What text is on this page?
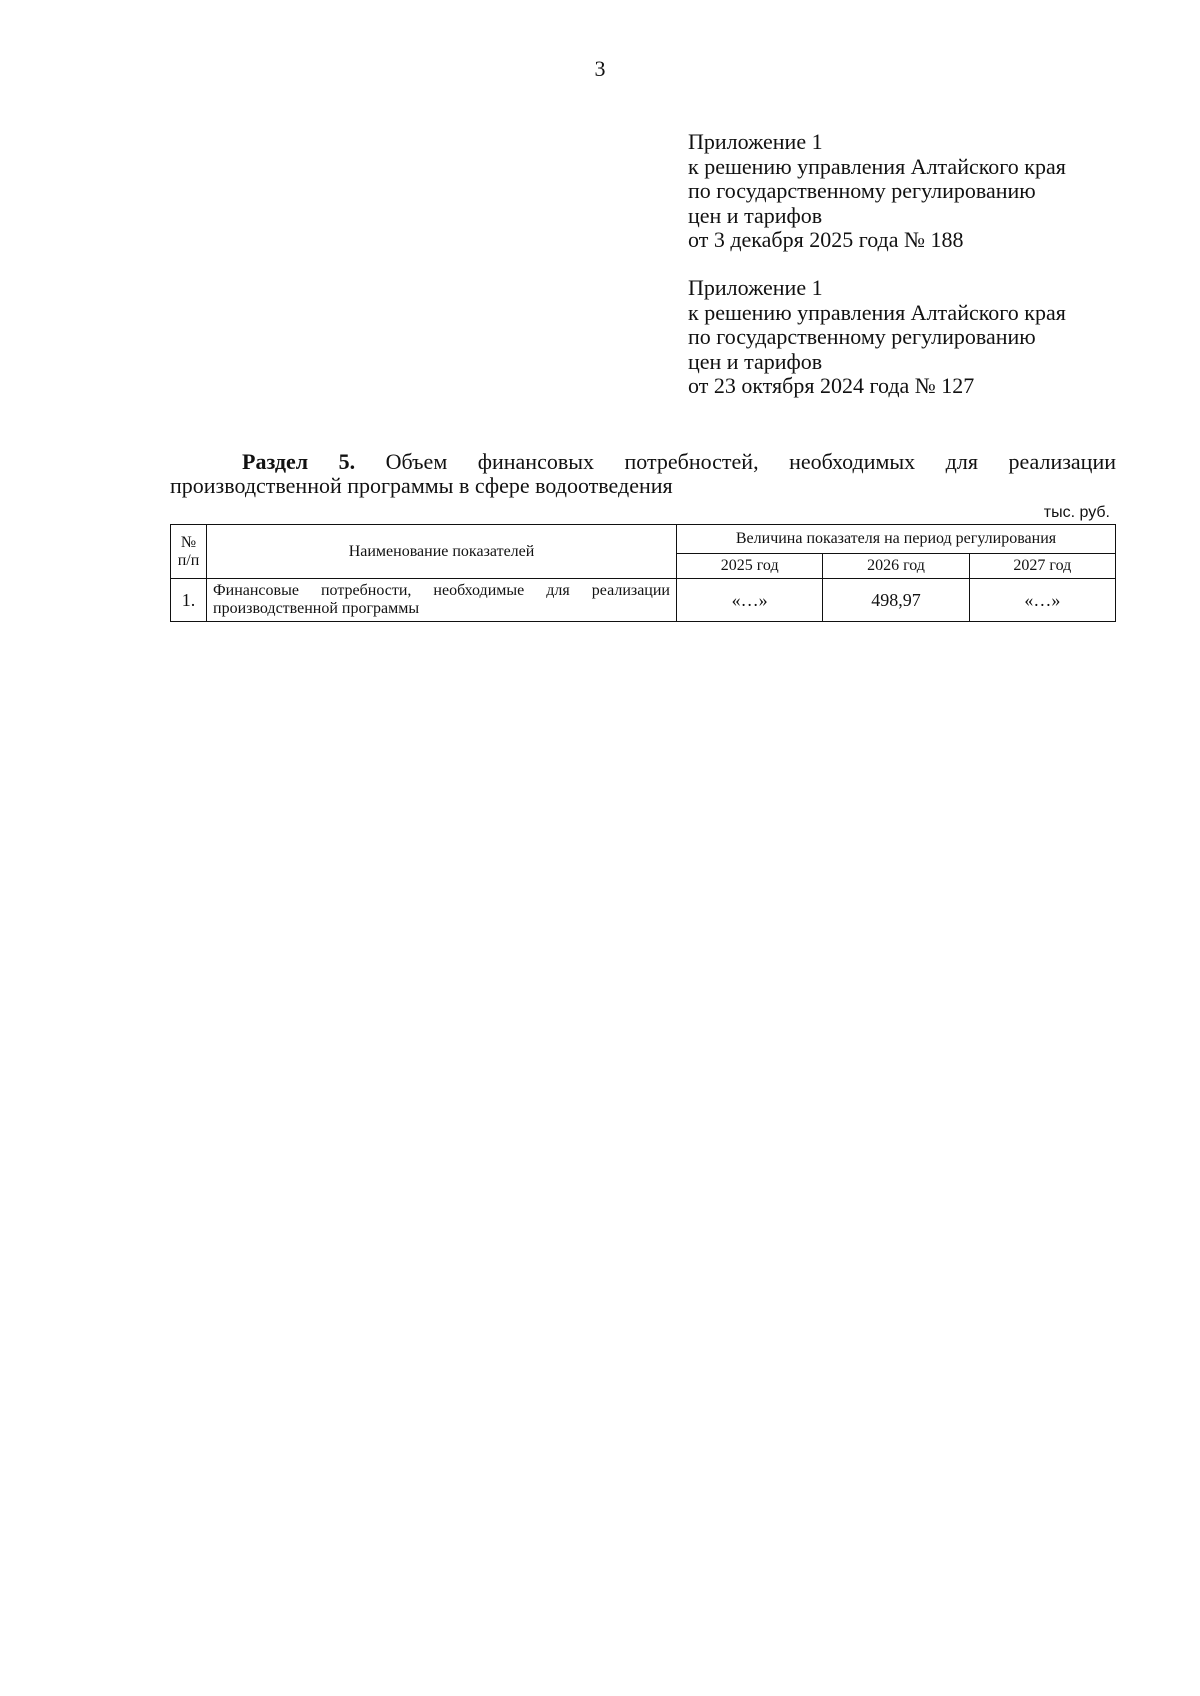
3
Приложение 1
к решению управления Алтайского края
по государственному регулированию
цен и тарифов
от 3 декабря 2025 года № 188
Приложение 1
к решению управления Алтайского края
по государственному регулированию
цен и тарифов
от 23 октября 2024 года № 127
Раздел 5. Объем финансовых потребностей, необходимых для реализации
производственной программы в сфере водоотведения
тыс. руб.
№ п/п	Наименование показателей	Величина показателя на период регулирования		
		2025 год	2026 год	2027 год
1.	Финансовые потребности, необходимые для реализации производственной программы	«…»	498,97	«…»
